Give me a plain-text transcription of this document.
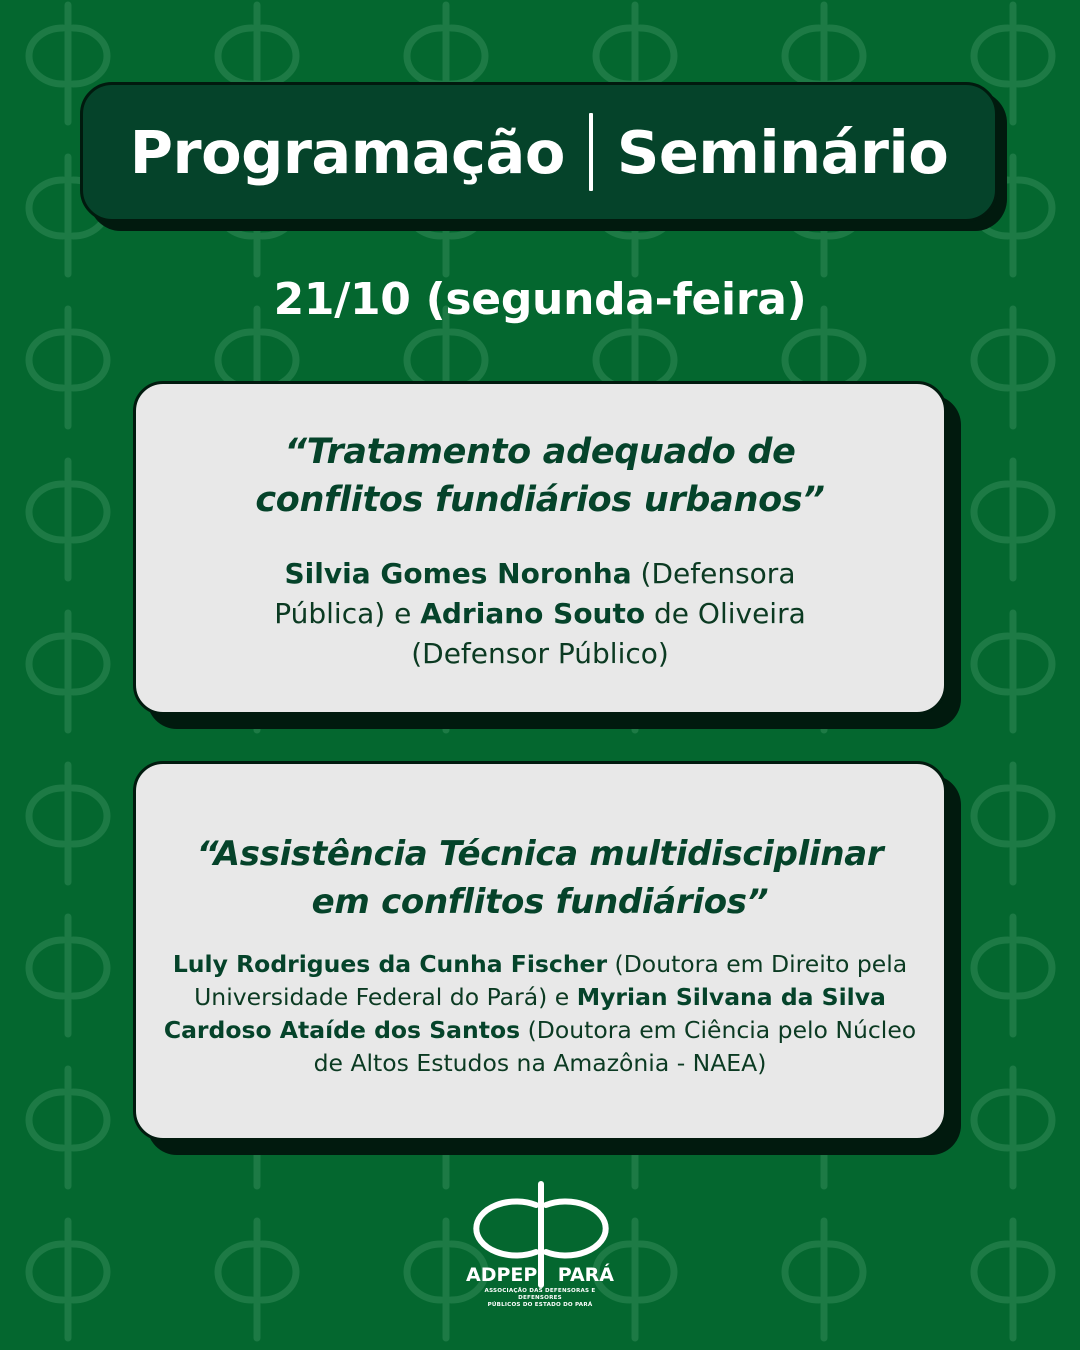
Programação Seminário
21/10 (segunda-feira)
“Tratamento adequado de
conflitos fundiários urbanos”
Silvia Gomes Noronha (Defensora Pública) e Adriano Souto de Oliveira (Defensor Público)
“Assistência Técnica multidisciplinar
em conflitos fundiários”
Luly Rodrigues da Cunha Fischer (Doutora em Direito pela Universidade Federal do Pará) e Myrian Silvana da Silva Cardoso Ataíde dos Santos (Doutora em Ciência pelo Núcleo de Altos Estudos na Amazônia - NAEA)
ADPEP PARÁ
ASSOCIAÇÃO DAS DEFENSORAS E DEFENSORES
PÚBLICOS DO ESTADO DO PARÁ
